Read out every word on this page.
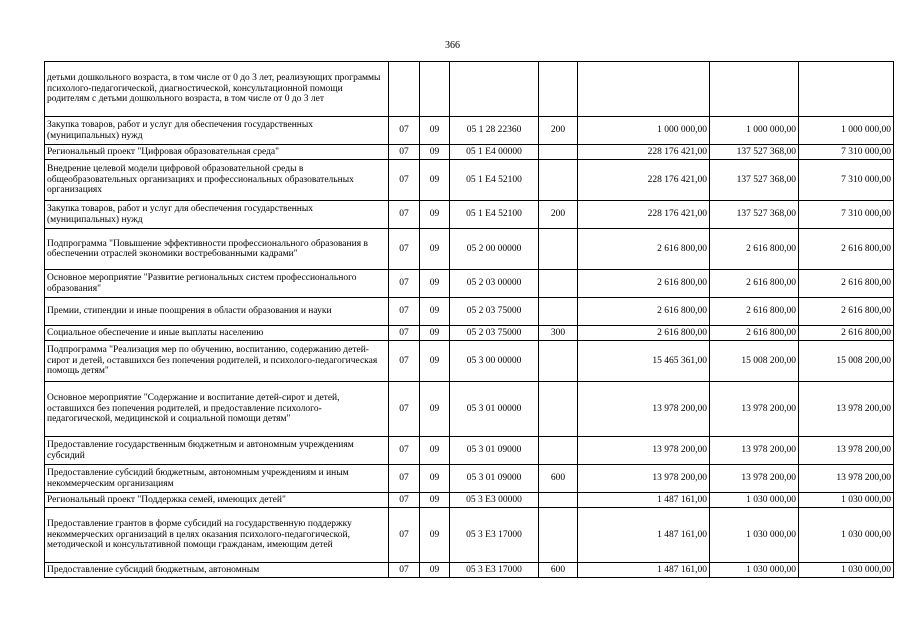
366
детьми дошкольного возраста, в том числе от 0 до 3 лет, реализующих программы психолого-педагогической, диагностической, консультационной помощи родителям с детьми дошкольного возраста, в том числе от 0 до 3 лет							
Закупка товаров, работ и услуг для обеспечения государственных (муниципальных) нужд	07	09	05 1 28 22360	200	1 000 000,00	1 000 000,00	1 000 000,00
Региональный проект "Цифровая образовательная среда"	07	09	05 1 E4 00000		228 176 421,00	137 527 368,00	7 310 000,00
Внедрение целевой модели цифровой образовательной среды в общеобразовательных организациях и профессиональных образовательных организациях	07	09	05 1 E4 52100		228 176 421,00	137 527 368,00	7 310 000,00
Закупка товаров, работ и услуг для обеспечения государственных (муниципальных) нужд	07	09	05 1 E4 52100	200	228 176 421,00	137 527 368,00	7 310 000,00
Подпрограмма "Повышение эффективности профессионального образования в обеспечении отраслей экономики востребованными кадрами"	07	09	05 2 00 00000		2 616 800,00	2 616 800,00	2 616 800,00
Основное мероприятие "Развитие региональных систем профессионального образования"	07	09	05 2 03 00000		2 616 800,00	2 616 800,00	2 616 800,00
Премии, стипендии и иные поощрения в области образования и науки	07	09	05 2 03 75000		2 616 800,00	2 616 800,00	2 616 800,00
Социальное обеспечение и иные выплаты населению	07	09	05 2 03 75000	300	2 616 800,00	2 616 800,00	2 616 800,00
Подпрограмма "Реализация мер по обучению, воспитанию, содержанию детей-сирот и детей, оставшихся без попечения родителей, и психолого-педагогическая помощь детям"	07	09	05 3 00 00000		15 465 361,00	15 008 200,00	15 008 200,00
Основное мероприятие "Содержание и воспитание детей-сирот и детей, оставшихся без попечения родителей, и предоставление психолого-педагогической, медицинской и социальной помощи детям"	07	09	05 3 01 00000		13 978 200,00	13 978 200,00	13 978 200,00
Предоставление государственным бюджетным и автономным учреждениям субсидий	07	09	05 3 01 09000		13 978 200,00	13 978 200,00	13 978 200,00
Предоставление субсидий бюджетным, автономным учреждениям и иным некоммерческим организациям	07	09	05 3 01 09000	600	13 978 200,00	13 978 200,00	13 978 200,00
Региональный проект "Поддержка семей, имеющих детей"	07	09	05 3 E3 00000		1 487 161,00	1 030 000,00	1 030 000,00
Предоставление грантов в форме субсидий на государственную поддержку некоммерческих организаций в целях оказания психолого-педагогической, методической и консультативной помощи гражданам, имеющим детей	07	09	05 3 E3 17000		1 487 161,00	1 030 000,00	1 030 000,00
Предоставление субсидий бюджетным, автономным	07	09	05 3 E3 17000	600	1 487 161,00	1 030 000,00	1 030 000,00
